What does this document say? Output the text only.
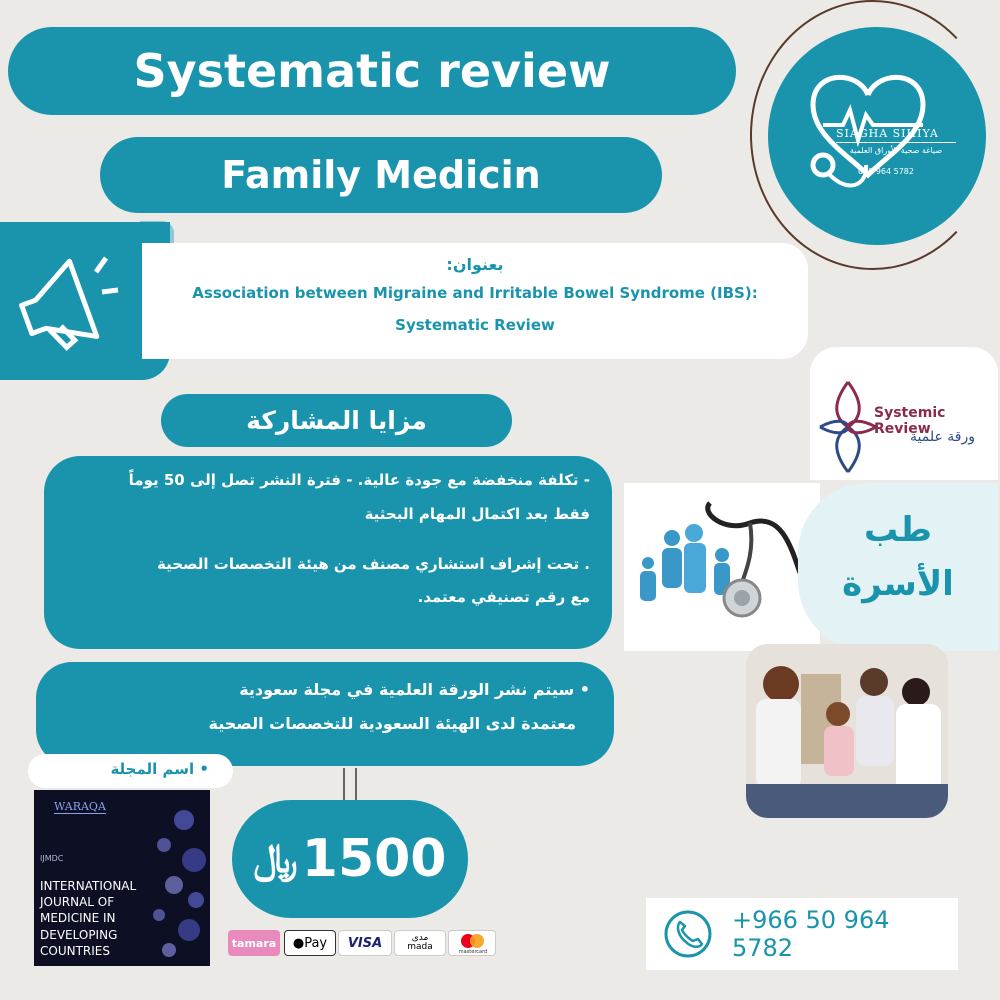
Systematic review
Family Medicin
SIAGHA SIHIYA
صياغة صحية للأوراق العلمية
050 964 5782
بعنوان:
Association between Migraine and Irritable Bowel Syndrome (IBS):
Systematic Review
مزايا المشاركة
- تكلفة منخفضة مع جودة عالية. - فترة النشر تصل إلى 50 يوماً
فقط بعد اكتمال المهام البحثية
. تحت إشراف استشاري مصنف من هيئة التخصصات الصحية
مع رقم تصنيفي معتمد.
• سيتم نشر الورقة العلمية في مجلة سعودية
معتمدة لدى الهيئة السعودية للتخصصات الصحية
Systemic Review
ورقة علمية
طب
الأسرة
• اسم المجلة
WARAQA
IJMDC
INTERNATIONAL
JOURNAL OF
MEDICINE IN
DEVELOPING
COUNTRIES
﷼ 1500
tamara ● Pay VISA	مدى
mada	mastercard
+966 50 964 5782
